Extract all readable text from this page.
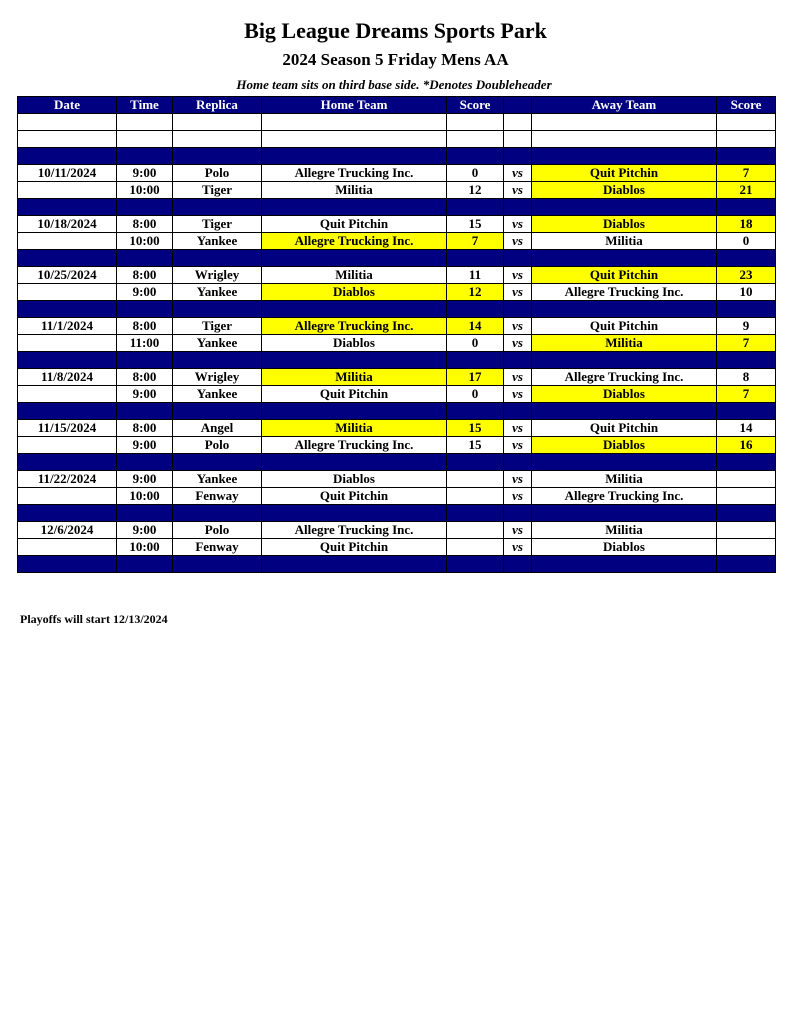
Big League Dreams Sports Park
2024 Season 5 Friday Mens AA
Home team sits on third base side. *Denotes Doubleheader
Date	Time	Replica	Home Team	Score		Away Team	Score

10/11/2024	9:00	Polo	Allegre Trucking Inc.	0	vs	Quit Pitchin	7
	10:00	Tiger	Militia	12	vs	Diablos	21

10/18/2024	8:00	Tiger	Quit Pitchin	15	vs	Diablos	18
	10:00	Yankee	Allegre Trucking Inc.	7	vs	Militia	0

10/25/2024	8:00	Wrigley	Militia	11	vs	Quit Pitchin	23
	9:00	Yankee	Diablos	12	vs	Allegre Trucking Inc.	10

11/1/2024	8:00	Tiger	Allegre Trucking Inc.	14	vs	Quit Pitchin	9
	11:00	Yankee	Diablos	0	vs	Militia	7

11/8/2024	8:00	Wrigley	Militia	17	vs	Allegre Trucking Inc.	8
	9:00	Yankee	Quit Pitchin	0	vs	Diablos	7

11/15/2024	8:00	Angel	Militia	15	vs	Quit Pitchin	14
	9:00	Polo	Allegre Trucking Inc.	15	vs	Diablos	16

11/22/2024	9:00	Yankee	Diablos		vs	Militia	
	10:00	Fenway	Quit Pitchin		vs	Allegre Trucking Inc.	

12/6/2024	9:00	Polo	Allegre Trucking Inc.		vs	Militia	
	10:00	Fenway	Quit Pitchin		vs	Diablos	

Playoffs will start 12/13/2024
